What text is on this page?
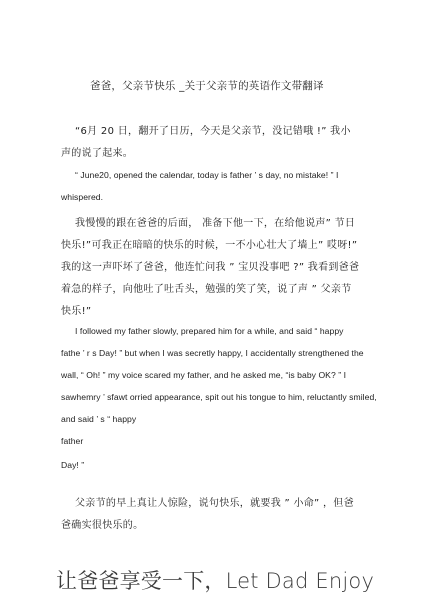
爸爸，父亲节快乐 _关于父亲节的英语作文带翻译
“6月 20 日，翻开了日历，今天是父亲节，没记错哦 !” 我小
声的说了起来。
“ June20, opened the calendar, today is father ’ s day, no mistake! ” I
whispered.
我慢慢的跟在爸爸的后面， 准备下他一下，在给他说声” 节日
快乐!”可我正在暗暗的快乐的时候，一不小心壮大了墙上” 哎呀!”
我的这一声吓坏了爸爸，他连忙问我 ” 宝贝没事吧 ?” 我看到爸爸
着急的样子，向他吐了吐舌头，勉强的笑了笑，说了声 ” 父亲节
快乐!”
I followed my father slowly, prepared him for a while, and said “ happy
fathe ’ r s Day! ” but when I was secretly happy, I accidentally strengthened the
wall, “ Oh! ” my voice scared my father, and he asked me, “is baby OK? ” I
sawhemry ’ sfawt orried appearance, spit out his tongue to him, reluctantly smiled,
and said ’ s “ happy
father
Day! ”
父亲节的早上真让人惊险，说句快乐，就要我 ” 小命” ，但爸
爸确实很快乐的。
让爸爸享受一下，Let Dad Enjoy
